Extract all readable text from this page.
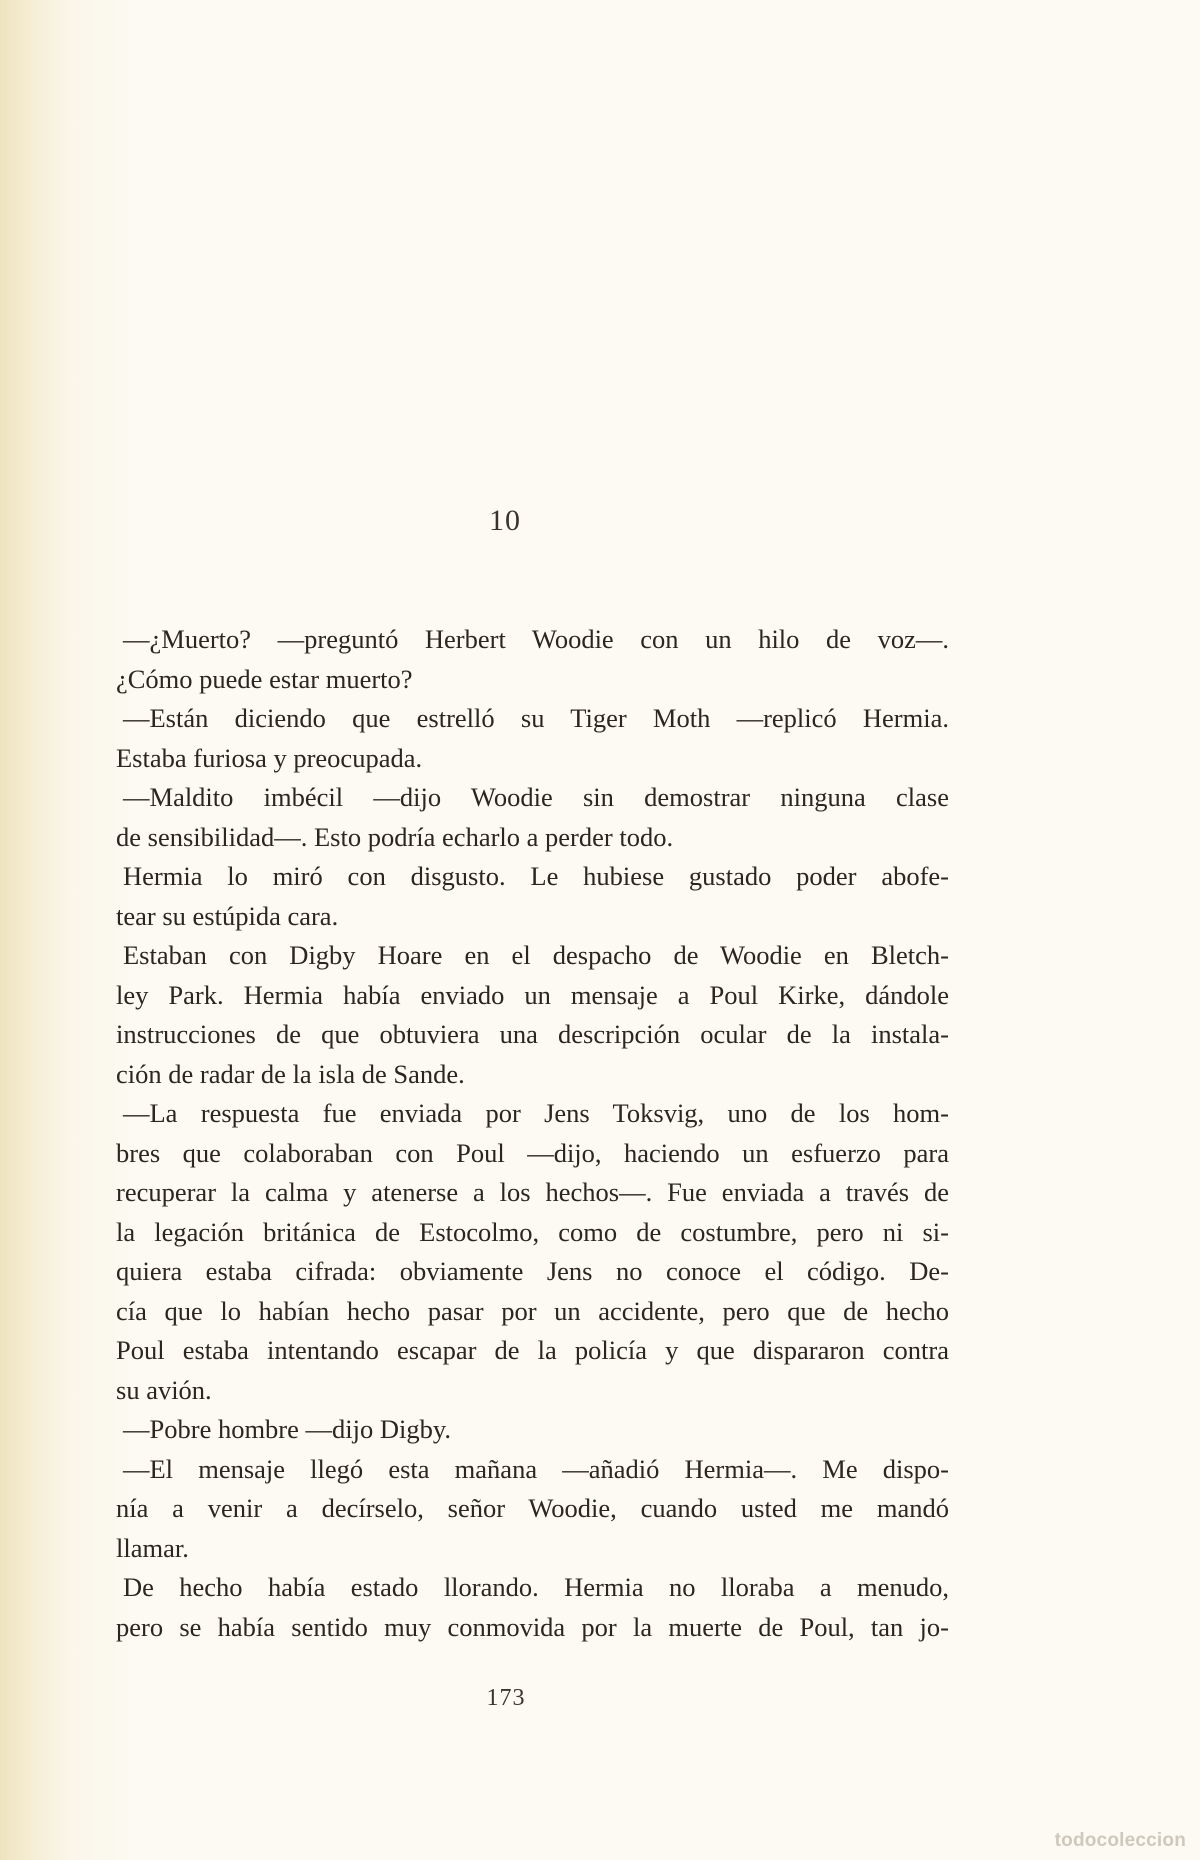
10
—¿Muerto? —preguntó Herbert Woodie con un hilo de voz—.
¿Cómo puede estar muerto?
—Están diciendo que estrelló su Tiger Moth —replicó Hermia.
Estaba furiosa y preocupada.
—Maldito imbécil —dijo Woodie sin demostrar ninguna clase
de sensibilidad—. Esto podría echarlo a perder todo.
Hermia lo miró con disgusto. Le hubiese gustado poder abofe-
tear su estúpida cara.
Estaban con Digby Hoare en el despacho de Woodie en Bletch-
ley Park. Hermia había enviado un mensaje a Poul Kirke, dándole
instrucciones de que obtuviera una descripción ocular de la instala-
ción de radar de la isla de Sande.
—La respuesta fue enviada por Jens Toksvig, uno de los hom-
bres que colaboraban con Poul —dijo, haciendo un esfuerzo para
recuperar la calma y atenerse a los hechos—. Fue enviada a través de
la legación británica de Estocolmo, como de costumbre, pero ni si-
quiera estaba cifrada: obviamente Jens no conoce el código. De-
cía que lo habían hecho pasar por un accidente, pero que de hecho
Poul estaba intentando escapar de la policía y que dispararon contra
su avión.
—Pobre hombre —dijo Digby.
—El mensaje llegó esta mañana —añadió Hermia—. Me dispo-
nía a venir a decírselo, señor Woodie, cuando usted me mandó
llamar.
De hecho había estado llorando. Hermia no lloraba a menudo,
pero se había sentido muy conmovida por la muerte de Poul, tan jo-
173
todocoleccion
